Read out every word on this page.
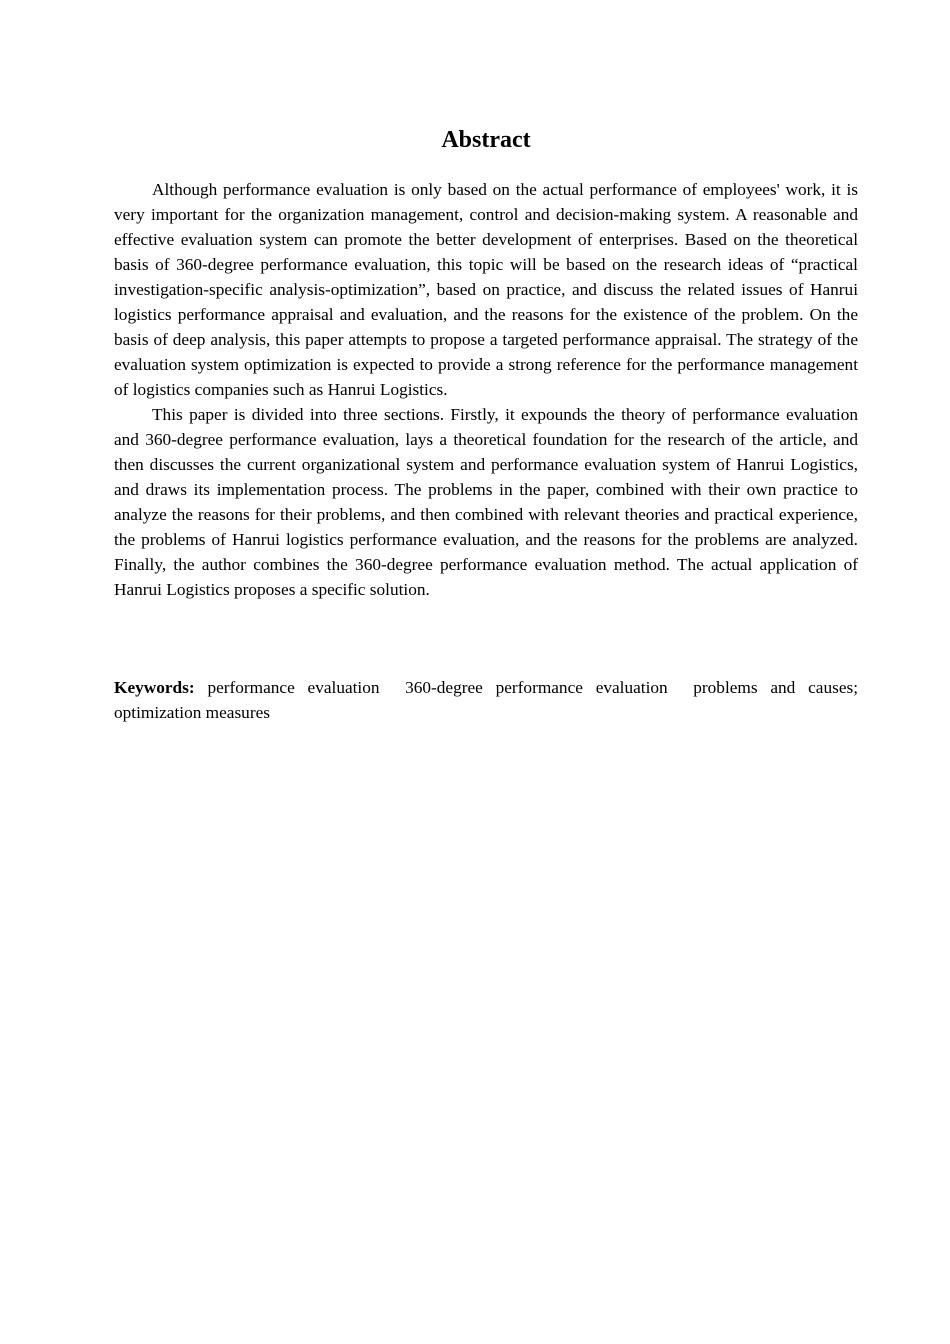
Abstract

Although performance evaluation is only based on the actual performance of employees' work, it is very important for the organization management, control and decision-making system. A reasonable and effective evaluation system can promote the better development of enterprises. Based on the theoretical basis of 360-degree performance evaluation, this topic will be based on the research ideas of “practical investigation-specific analysis-optimization”, based on practice, and discuss the related issues of Hanrui logistics performance appraisal and evaluation, and the reasons for the existence of the problem. On the basis of deep analysis, this paper attempts to propose a targeted performance appraisal. The strategy of the evaluation system optimization is expected to provide a strong reference for the performance management of logistics companies such as Hanrui Logistics.

This paper is divided into three sections. Firstly, it expounds the theory of performance evaluation and 360-degree performance evaluation, lays a theoretical foundation for the research of the article, and then discusses the current organizational system and performance evaluation system of Hanrui Logistics, and draws its implementation process. The problems in the paper, combined with their own practice to analyze the reasons for their problems, and then combined with relevant theories and practical experience, the problems of Hanrui logistics performance evaluation, and the reasons for the problems are analyzed. Finally, the author combines the 360-degree performance evaluation method. The actual application of Hanrui Logistics proposes a specific solution.

Keywords: performance evaluation 360-degree performance evaluation problems and causes; optimization measures
